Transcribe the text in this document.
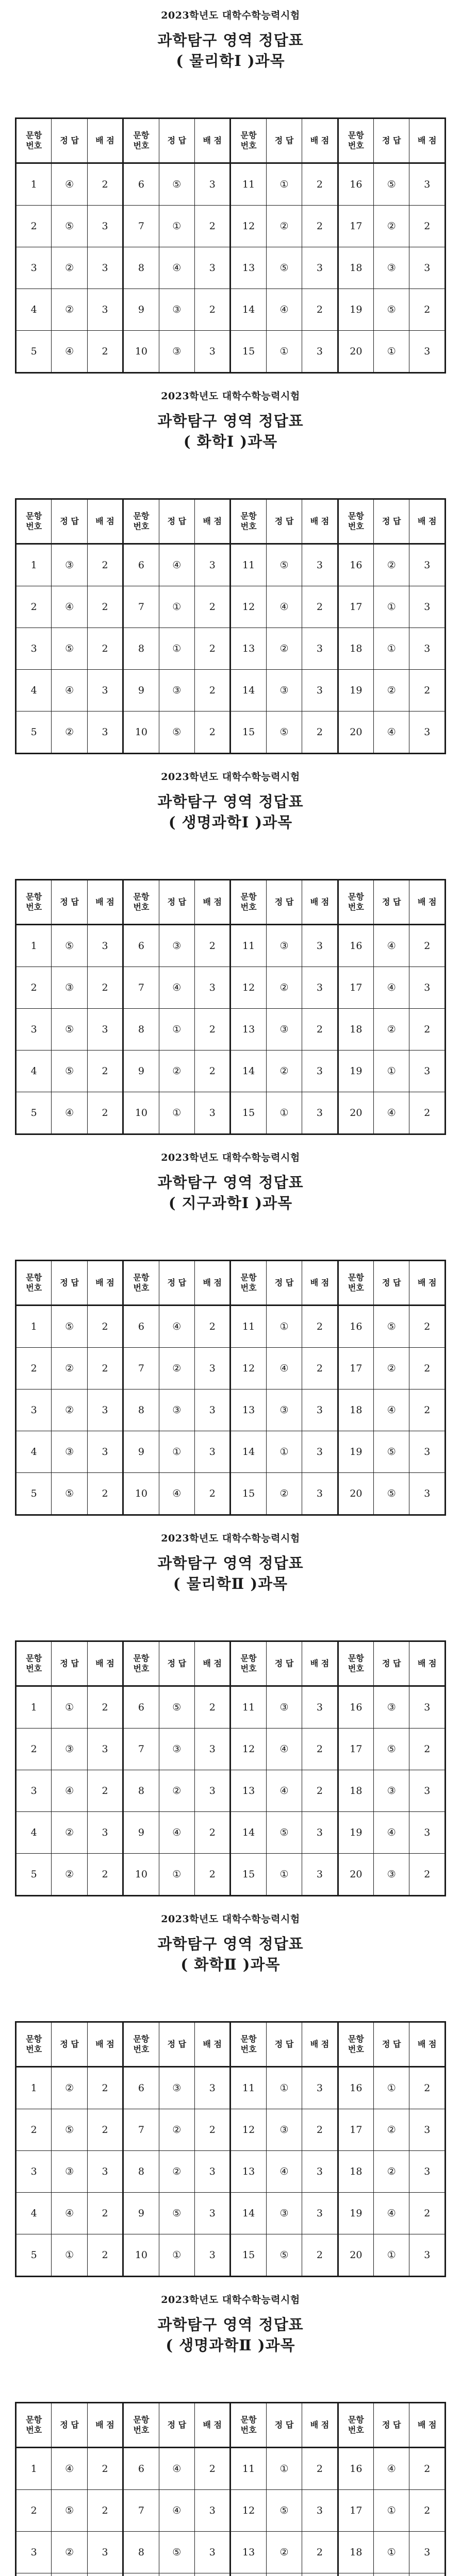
2023학년도 대학수학능력시험
과학탐구 영역 정답표
( 물리학Ⅰ )과목
문항
번호	정 답	배 점	문항
번호	정 답	배 점	문항
번호	정 답	배 점	문항
번호	정 답	배 점
1	④	2	6	⑤	3	11	①	2	16	⑤	3
2	⑤	3	7	①	2	12	②	2	17	②	2
3	②	3	8	④	3	13	⑤	3	18	③	3
4	②	3	9	③	2	14	④	2	19	⑤	2
5	④	2	10	③	3	15	①	3	20	①	3
2023학년도 대학수학능력시험
과학탐구 영역 정답표
( 화학Ⅰ )과목
문항
번호	정 답	배 점	문항
번호	정 답	배 점	문항
번호	정 답	배 점	문항
번호	정 답	배 점
1	③	2	6	④	3	11	⑤	3	16	②	3
2	④	2	7	①	2	12	④	2	17	①	3
3	⑤	2	8	①	2	13	②	3	18	①	3
4	④	3	9	③	2	14	③	3	19	②	2
5	②	3	10	⑤	2	15	⑤	2	20	④	3
2023학년도 대학수학능력시험
과학탐구 영역 정답표
( 생명과학Ⅰ )과목
문항
번호	정 답	배 점	문항
번호	정 답	배 점	문항
번호	정 답	배 점	문항
번호	정 답	배 점
1	⑤	3	6	③	2	11	③	3	16	④	2
2	③	2	7	④	3	12	②	3	17	④	3
3	⑤	3	8	①	2	13	③	2	18	②	2
4	⑤	2	9	②	2	14	②	3	19	①	3
5	④	2	10	①	3	15	①	3	20	④	2
2023학년도 대학수학능력시험
과학탐구 영역 정답표
( 지구과학Ⅰ )과목
문항
번호	정 답	배 점	문항
번호	정 답	배 점	문항
번호	정 답	배 점	문항
번호	정 답	배 점
1	⑤	2	6	④	2	11	①	2	16	⑤	2
2	②	2	7	②	3	12	④	2	17	②	2
3	②	3	8	③	3	13	③	3	18	④	2
4	③	3	9	①	3	14	①	3	19	⑤	3
5	⑤	2	10	④	2	15	②	3	20	⑤	3
2023학년도 대학수학능력시험
과학탐구 영역 정답표
( 물리학Ⅱ )과목
문항
번호	정 답	배 점	문항
번호	정 답	배 점	문항
번호	정 답	배 점	문항
번호	정 답	배 점
1	①	2	6	⑤	2	11	③	3	16	③	3
2	③	3	7	③	3	12	④	2	17	⑤	2
3	④	2	8	②	3	13	④	2	18	③	3
4	②	3	9	④	2	14	⑤	3	19	④	3
5	②	2	10	①	2	15	①	3	20	③	2
2023학년도 대학수학능력시험
과학탐구 영역 정답표
( 화학Ⅱ )과목
문항
번호	정 답	배 점	문항
번호	정 답	배 점	문항
번호	정 답	배 점	문항
번호	정 답	배 점
1	②	2	6	③	3	11	①	3	16	①	2
2	⑤	2	7	②	2	12	③	2	17	②	3
3	③	3	8	②	3	13	④	3	18	②	3
4	④	2	9	⑤	3	14	③	3	19	④	2
5	①	2	10	①	3	15	⑤	2	20	①	3
2023학년도 대학수학능력시험
과학탐구 영역 정답표
( 생명과학Ⅱ )과목
문항
번호	정 답	배 점	문항
번호	정 답	배 점	문항
번호	정 답	배 점	문항
번호	정 답	배 점
1	④	2	6	④	2	11	①	2	16	④	2
2	⑤	2	7	④	3	12	⑤	3	17	①	2
3	②	3	8	⑤	3	13	②	2	18	①	3
